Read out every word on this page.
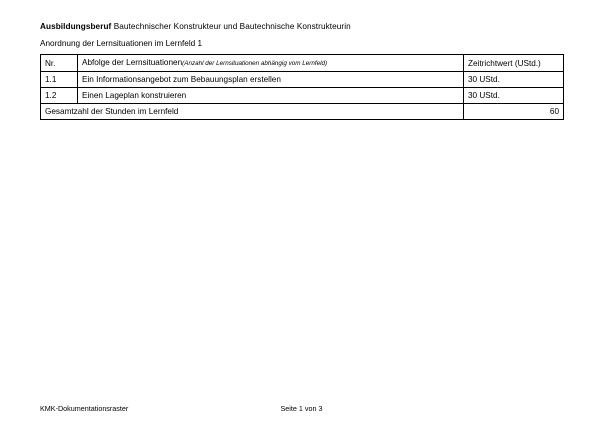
Ausbildungsberuf Bautechnischer Konstrukteur und Bautechnische Konstrukteurin
Anordnung der Lernsituationen im Lernfeld 1
Nr.	Abfolge der Lernsituationen(Anzahl der Lernsituationen abhängig vom Lernfeld)	Zeitrichtwert (UStd.)
1.1	Ein Informationsangebot zum Bebauungsplan erstellen	30 UStd.
1.2	Einen Lageplan konstruieren	30 UStd.
Gesamtzahl der Stunden im Lernfeld		60
KMK-Dokumentationsraster	Seite 1 von 3
